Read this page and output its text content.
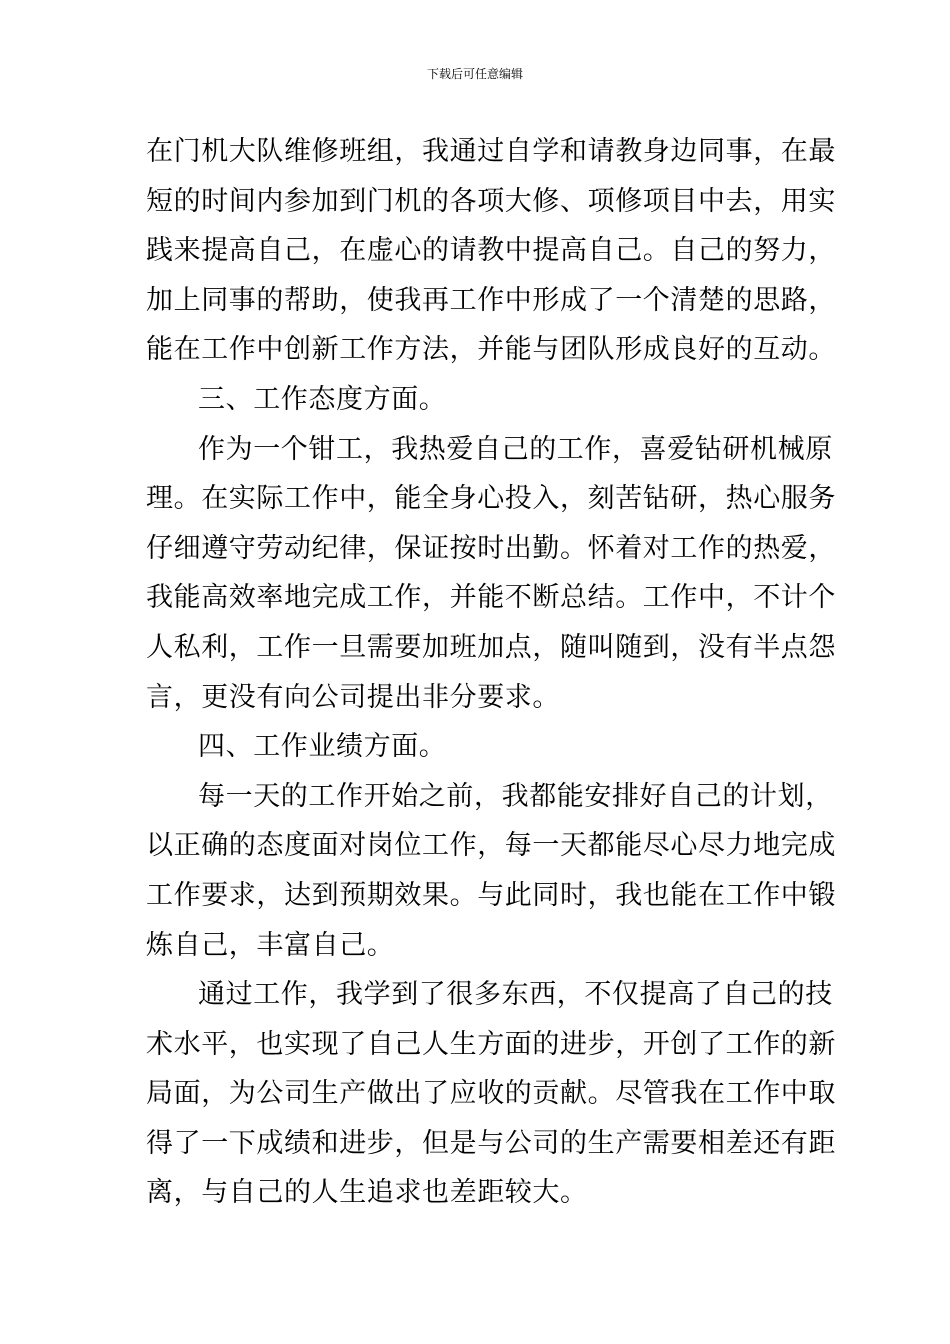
下载后可任意编辑
在门机大队维修班组，我通过自学和请教身边同事，在最
短的时间内参加到门机的各项大修、项修项目中去，用实
践来提高自己，在虚心的请教中提高自己。自己的努力，
加上同事的帮助，使我再工作中形成了一个清楚的思路，
能在工作中创新工作方法，并能与团队形成良好的互动。
三、工作态度方面。
作为一个钳工，我热爱自己的工作，喜爱钻研机械原
理。在实际工作中，能全身心投入，刻苦钻研，热心服务
仔细遵守劳动纪律，保证按时出勤。怀着对工作的热爱，
我能高效率地完成工作，并能不断总结。工作中，不计个
人私利，工作一旦需要加班加点，随叫随到，没有半点怨
言，更没有向公司提出非分要求。
四、工作业绩方面。
每一天的工作开始之前，我都能安排好自己的计划，
以正确的态度面对岗位工作，每一天都能尽心尽力地完成
工作要求，达到预期效果。与此同时，我也能在工作中锻
炼自己，丰富自己。
通过工作，我学到了很多东西，不仅提高了自己的技
术水平，也实现了自己人生方面的进步，开创了工作的新
局面，为公司生产做出了应收的贡献。尽管我在工作中取
得了一下成绩和进步，但是与公司的生产需要相差还有距
离，与自己的人生追求也差距较大。
